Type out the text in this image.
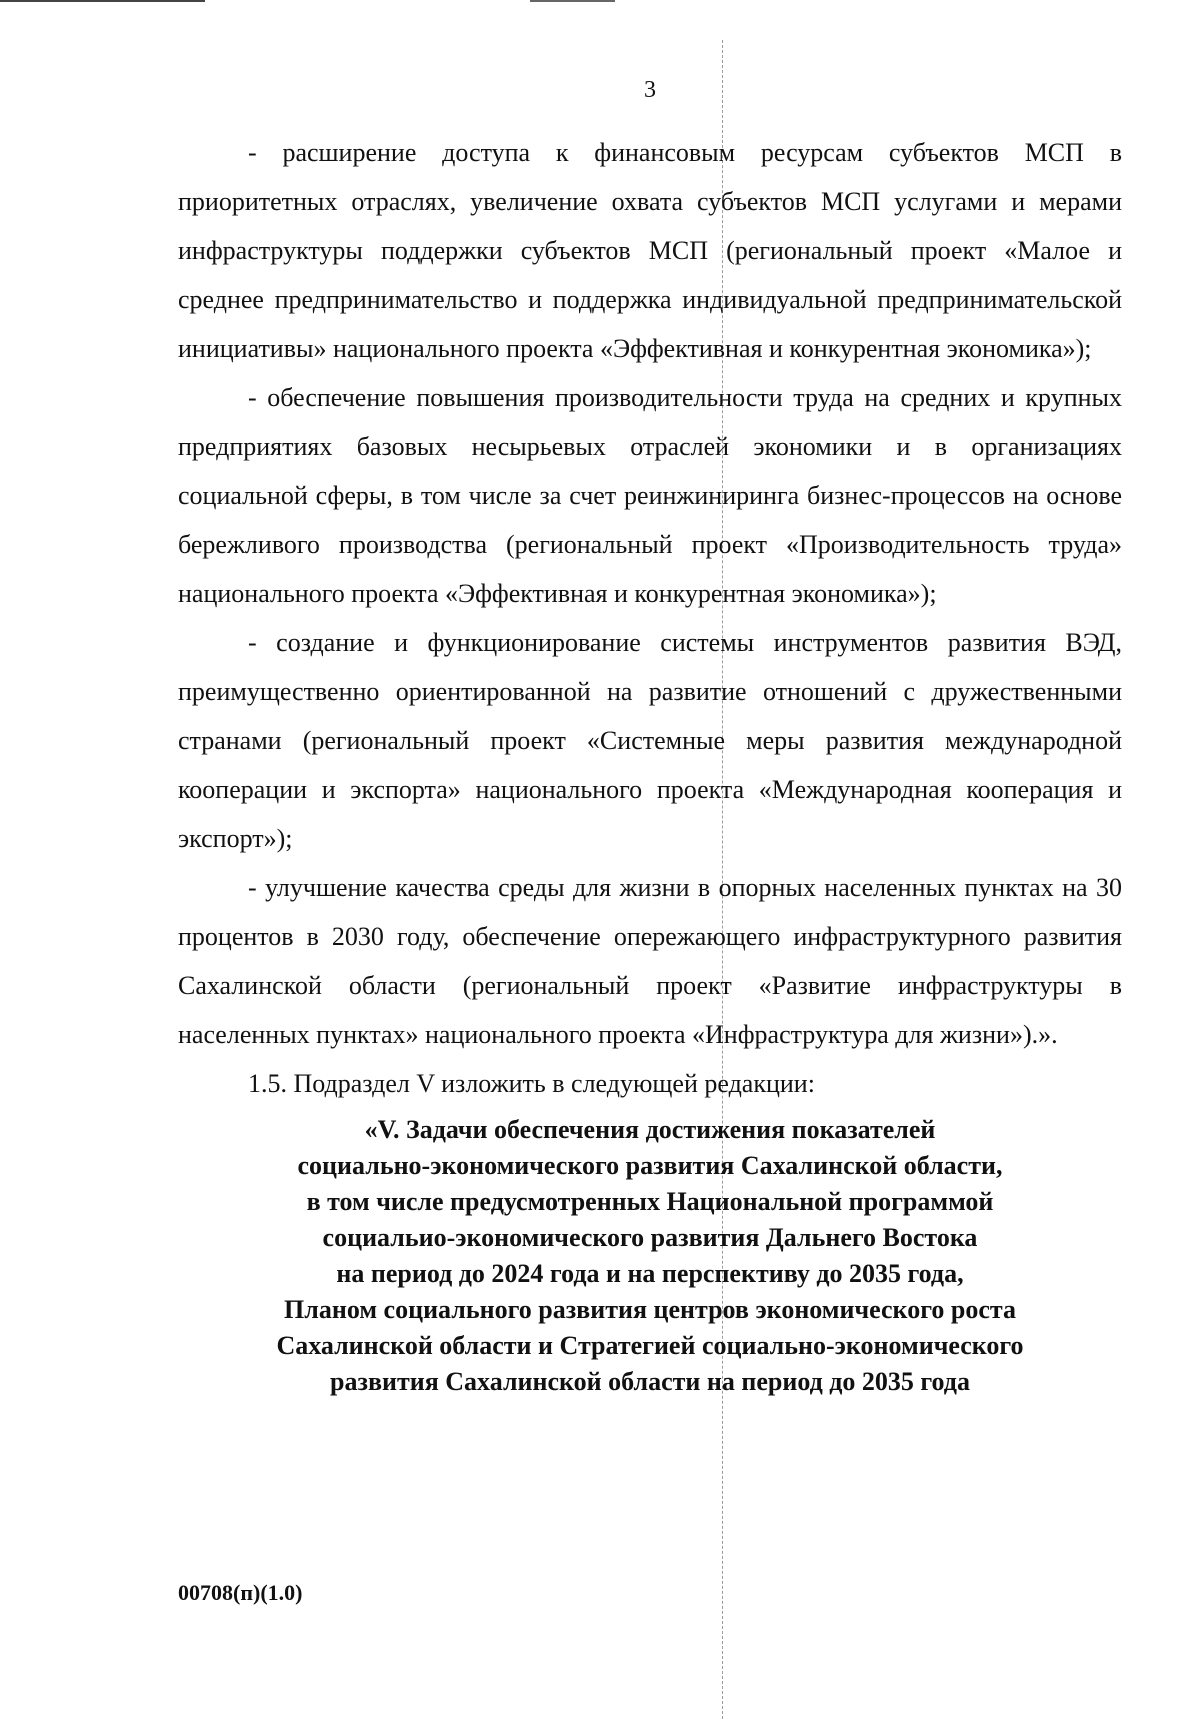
3

- расширение доступа к финансовым ресурсам субъектов МСП в приоритетных отраслях, увеличение охвата субъектов МСП услугами и мерами инфраструктуры поддержки субъектов МСП (региональный проект «Малое и среднее предпринимательство и поддержка индивидуальной предпринимательской инициативы» национального проекта «Эффективная и конкурентная экономика»);

- обеспечение повышения производительности труда на средних и крупных предприятиях базовых несырьевых отраслей экономики и в организациях социальной сферы, в том числе за счет реинжиниринга бизнес-процессов на основе бережливого производства (региональный проект «Производительность труда» национального проекта «Эффективная и конкурентная экономика»);

- создание и функционирование системы инструментов развития ВЭД, преимущественно ориентированной на развитие отношений с дружественными странами (региональный проект «Системные меры развития международной кооперации и экспорта» национального проекта «Международная кооперация и экспорт»);

- улучшение качества среды для жизни в опорных населенных пунктах на 30 процентов в 2030 году, обеспечение опережающего инфраструктурного развития Сахалинской области (региональный проект «Развитие инфраструктуры в населенных пунктах» национального проекта «Инфраструктура для жизни»).».

1.5. Подраздел V изложить в следующей редакции:

«V. Задачи обеспечения достижения показателей
социально-экономического развития Сахалинской области,
в том числе предусмотренных Национальной программой
социальио-экономического развития Дальнего Востока
на период до 2024 года и на перспективу до 2035 года,
Планом социального развития центров экономического роста
Сахалинской области и Стратегией социально-экономического
развития Сахалинской области на период до 2035 года
00708(п)(1.0)
